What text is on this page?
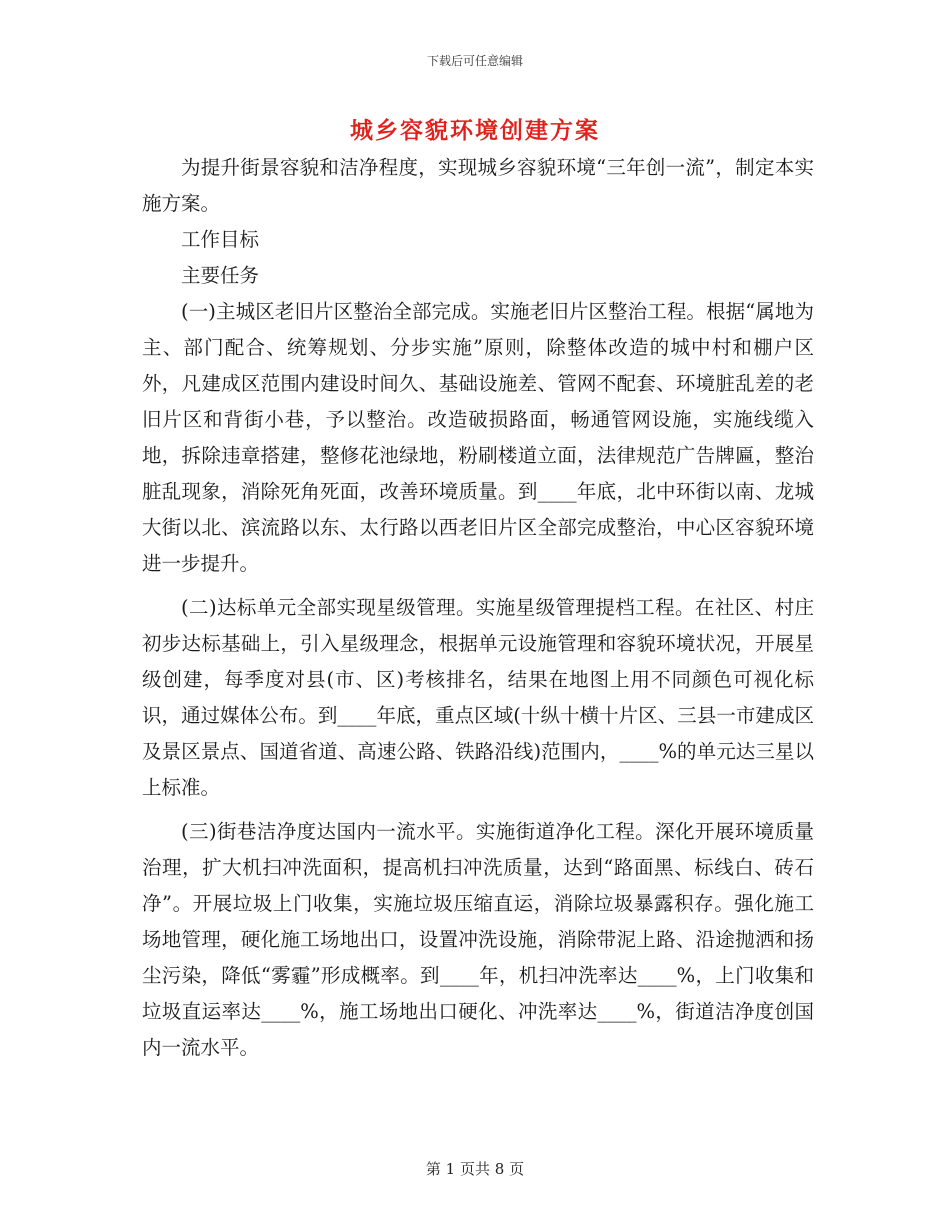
下载后可任意编辑
城乡容貌环境创建方案

为提升街景容貌和洁净程度，实现城乡容貌环境“三年创一流”，制定本实施方案。

工作目标

主要任务

(一)主城区老旧片区整治全部完成。实施老旧片区整治工程。根据“属地为主、部门配合、统筹规划、分步实施”原则，除整体改造的城中村和棚户区外，凡建成区范围内建设时间久、基础设施差、管网不配套、环境脏乱差的老旧片区和背街小巷，予以整治。改造破损路面，畅通管网设施，实施线缆入地，拆除违章搭建，整修花池绿地，粉刷楼道立面，法律规范广告牌匾，整治脏乱现象，消除死角死面，改善环境质量。到____年底，北中环街以南、龙城大街以北、滨流路以东、太行路以西老旧片区全部完成整治，中心区容貌环境进一步提升。

(二)达标单元全部实现星级管理。实施星级管理提档工程。在社区、村庄初步达标基础上，引入星级理念，根据单元设施管理和容貌环境状况，开展星级创建，每季度对县(市、区)考核排名，结果在地图上用不同颜色可视化标识，通过媒体公布。到____年底，重点区域(十纵十横十片区、三县一市建成区及景区景点、国道省道、高速公路、铁路沿线)范围内，____%的单元达三星以上标准。

(三)街巷洁净度达国内一流水平。实施街道净化工程。深化开展环境质量治理，扩大机扫冲洗面积，提高机扫冲洗质量，达到“路面黑、标线白、砖石净”。开展垃圾上门收集，实施垃圾压缩直运，消除垃圾暴露积存。强化施工场地管理，硬化施工场地出口，设置冲洗设施，消除带泥上路、沿途抛洒和扬尘污染，降低“雾霾”形成概率。到____年，机扫冲洗率达____%，上门收集和垃圾直运率达____%，施工场地出口硬化、冲洗率达____%，街道洁净度创国内一流水平。

第 1 页共 8 页
